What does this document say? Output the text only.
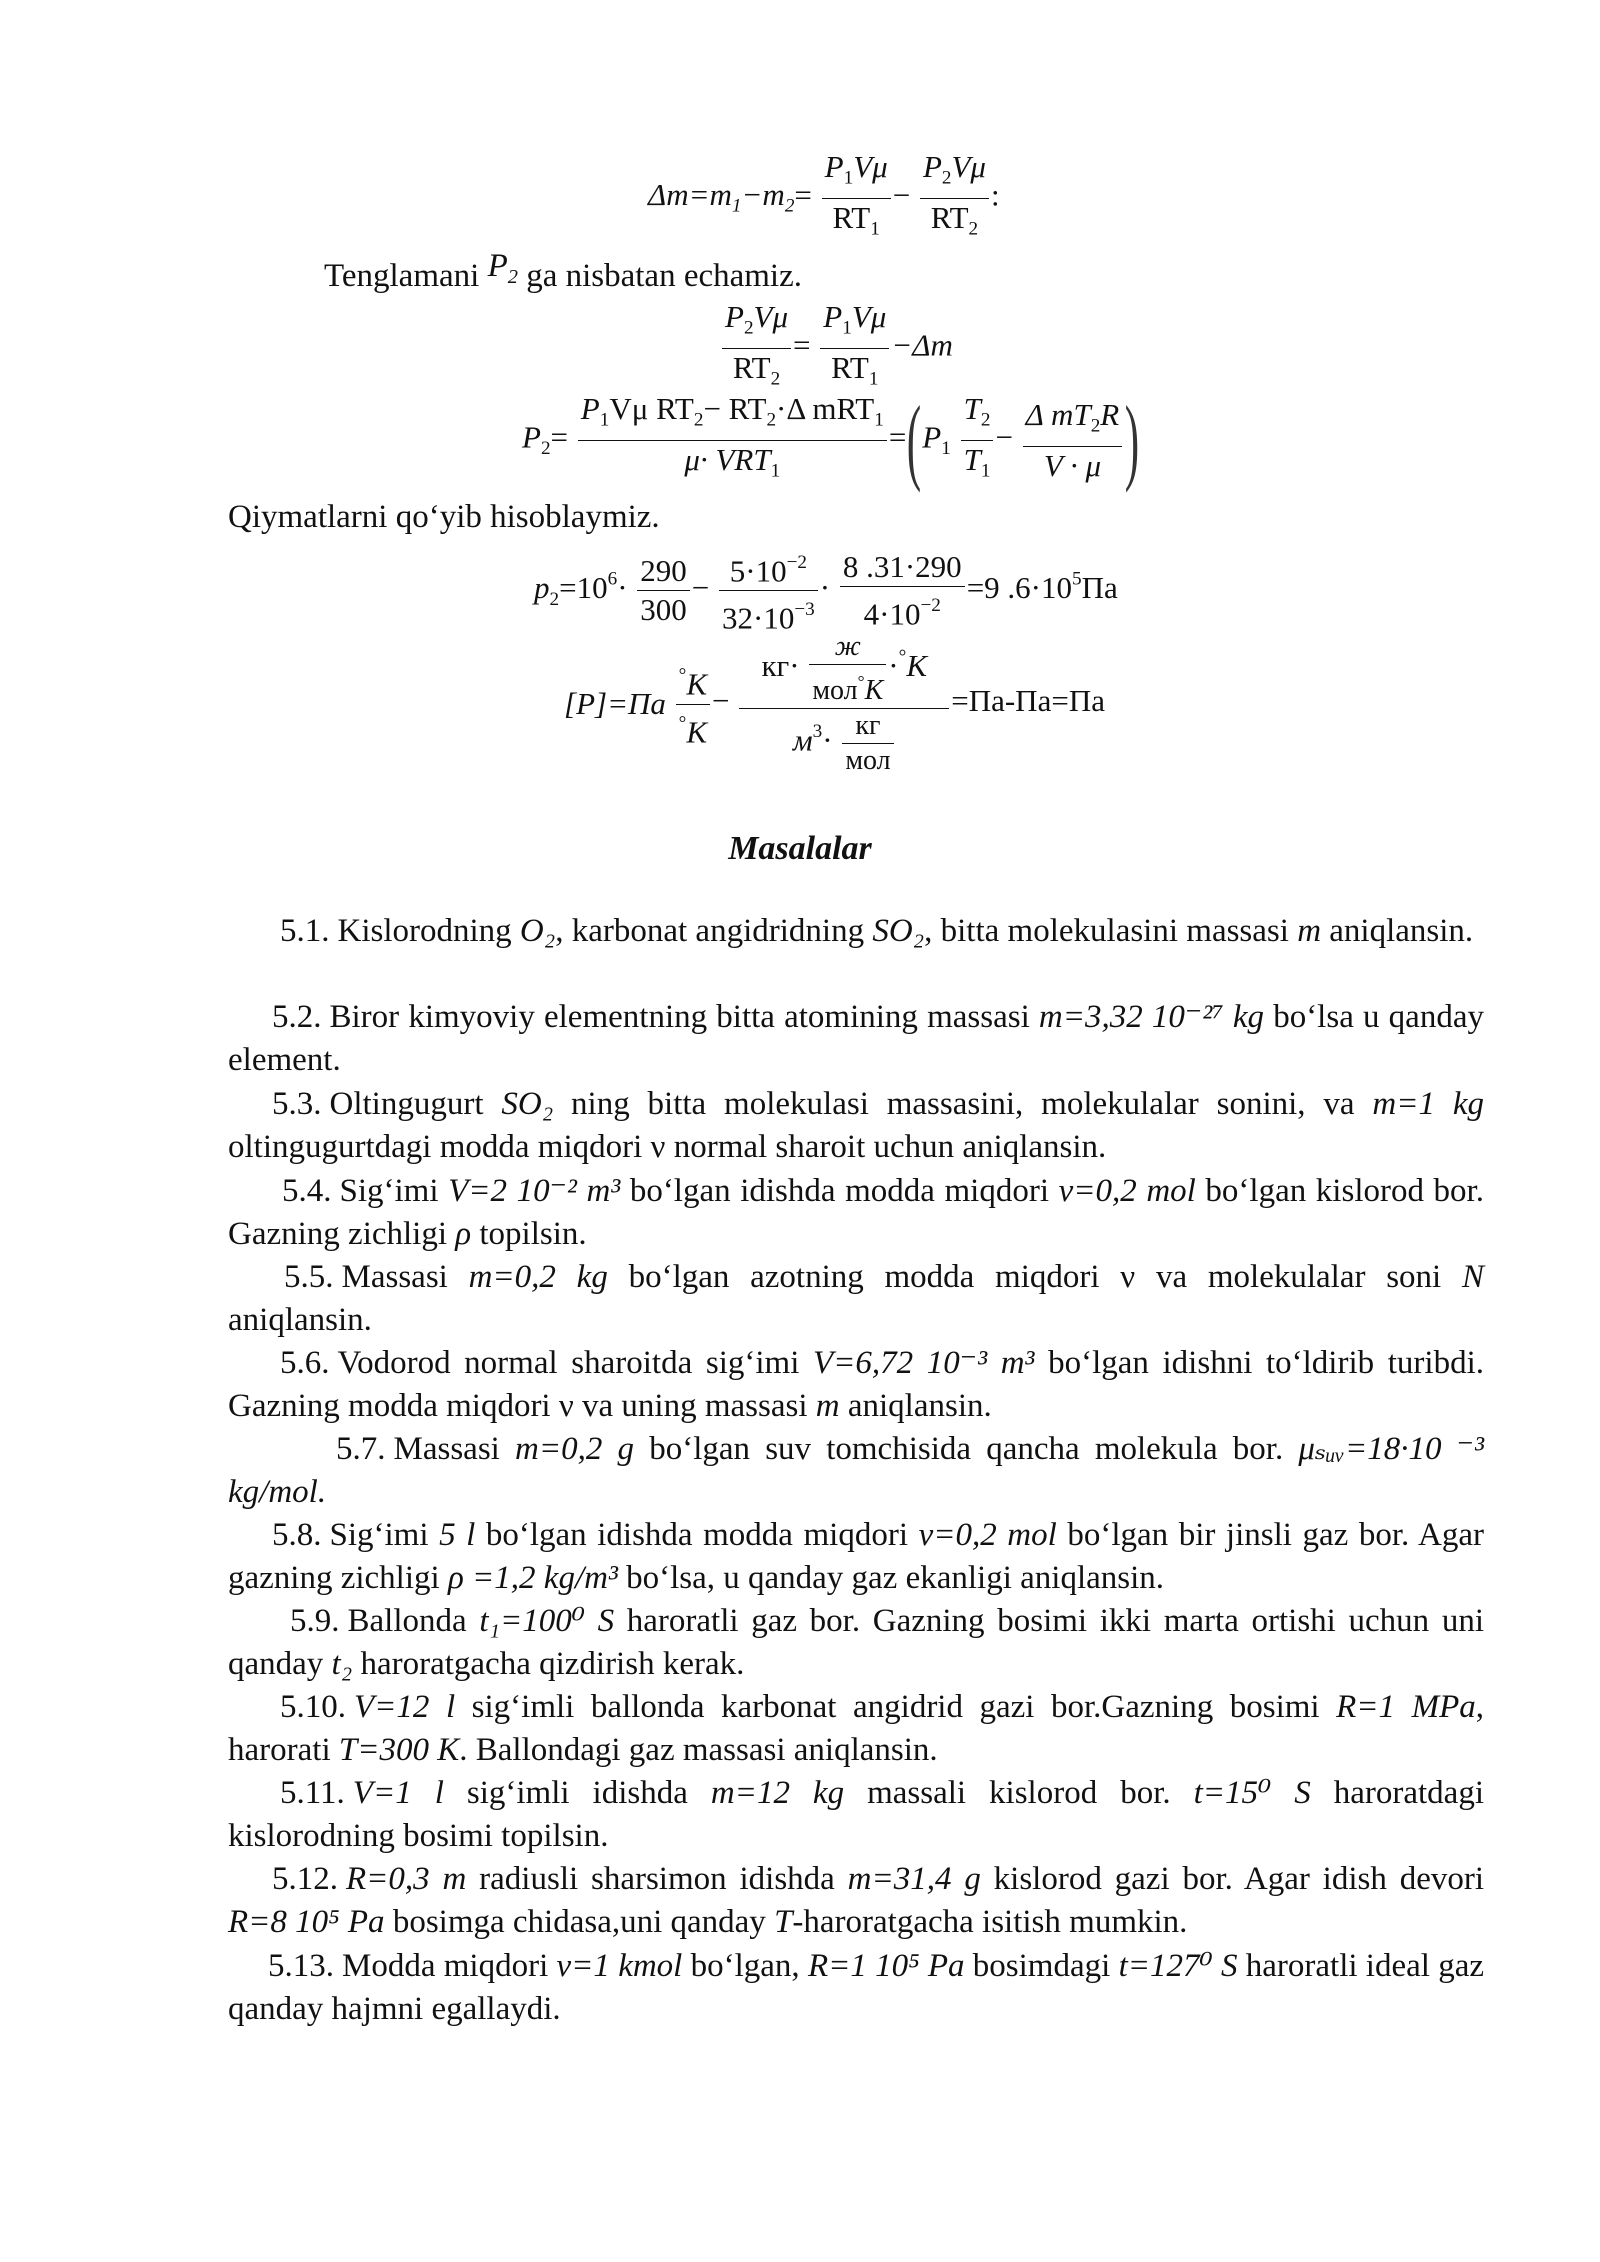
$\Delta m=m_1-m_2= \frac{P_1V\mu}{RT_1} - \frac{P_2V\mu}{RT_2}$ :
Tenglamani $P_2$ ga nisbatan echamiz.
$\frac{P_2V\mu}{RT_2} = \frac{P_1V\mu}{RT_1} -\Delta m$
$P_2= \frac{P_1V\mu RT_2- RT_2\cdot\Delta mRT_1}{\mu\cdot VRT_1} =(P_1 \frac{T_2}{T_1} - \frac{\Delta mT_2R}{V \cdot \mu}$ )
Qiymatlarni qo‘yib hisoblaymiz.
$p_2=10^6\cdot \frac{290}{300} - \frac{5\cdot 10^{-2}}{32\cdot 10^{-3}} \cdot \frac{8 .31\cdot 290}{4\cdot 10^{-2}} =9$ $.6\cdot 10^5Па$
$[P]=Па \frac{^\circ K}{^\circ K} - \frac{кг\cdot \frac{ж}{мол^\circ K} \cdot^\circ K}{м^3\cdot \frac{кг}{\text{мол}}} =Па-Па=Па$
Masalalar
5.1. Kislorodning O₂, karbonat angidridning SO₂, bitta molekulasini massasi m aniqlansin.
5.2. Biror kimyoviy elementning bitta atomining massasi m=3,32 10⁻²⁷ kg bo‘lsa u qanday element.
5.3. Oltingugurt SO₂ ning bitta molekulasi massasini, molekulalar sonini, va m=1 kg oltingugurtdagi modda miqdori ν normal sharoit uchun aniqlansin.
5.4. Sig‘imi V=2 10⁻² m³ bo‘lgan idishda modda miqdori ν=0,2 mol bo‘lgan kislorod bor. Gazning zichligi ρ topilsin.
5.5. Massasi m=0,2 kg bo‘lgan azotning modda miqdori ν va molekulalar soni N aniqlansin.
5.6. Vodorod normal sharoitda sig‘imi V=6,72 10⁻³ m³ bo‘lgan idishni to‘ldirib turibdi. Gazning modda miqdori ν va uning massasi m aniqlansin.
5.7. Massasi m=0,2 g bo‘lgan suv tomchisida qancha molekula bor. μₛᵤᵥ=18·10 ⁻³ kg/mol.
5.8. Sig‘imi 5 l bo‘lgan idishda modda miqdori ν=0,2 mol bo‘lgan bir jinsli gaz bor. Agar gazning zichligi ρ =1,2 kg/m³ bo‘lsa, u qanday gaz ekanligi aniqlansin.
5.9. Ballonda t₁=100⁰ S haroratli gaz bor. Gazning bosimi ikki marta ortishi uchun uni qanday t₂ haroratgacha qizdirish kerak.
5.10. V=12 l sig‘imli ballonda karbonat angidrid gazi bor.Gazning bosimi R=1 MPa, harorati T=300 K. Ballondagi gaz massasi aniqlansin.
5.11. V=1 l sig‘imli idishda m=12 kg massali kislorod bor. t=15⁰ S haroratdagi kislorodning bosimi topilsin.
5.12. R=0,3 m radiusli sharsimon idishda m=31,4 g kislorod gazi bor. Agar idish devori R=8 10⁵ Pa bosimga chidasa,uni qanday T-haroratgacha isitish mumkin.
5.13. Modda miqdori ν=1 kmol bo‘lgan, R=1 10⁵ Pa bosimdagi t=127⁰ S haroratli ideal gaz qanday hajmni egallaydi.
